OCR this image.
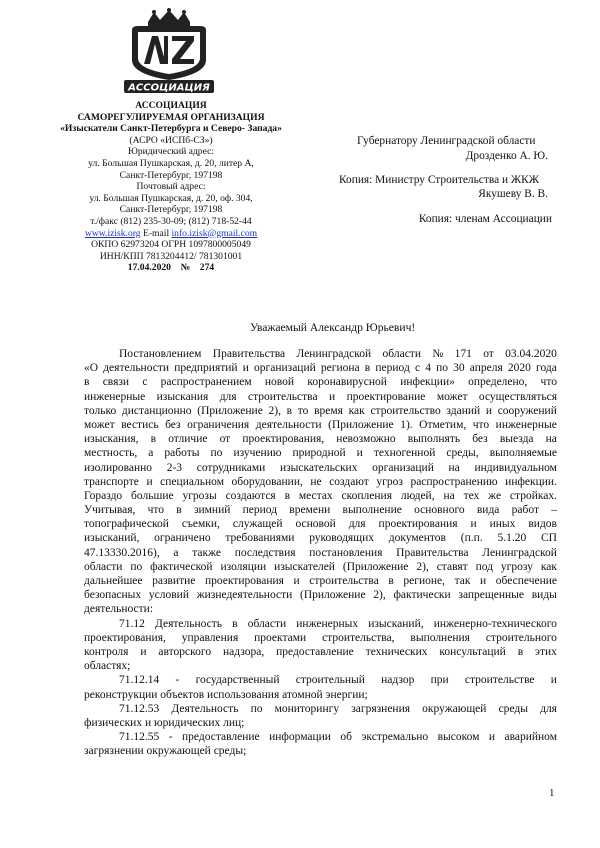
АССОЦИАЦИЯ
АССОЦИАЦИЯ
САМОРЕГУЛИРУЕМАЯ ОРГАНИЗАЦИЯ
«Изыскатели Санкт-Петербурга и Северо- Запада»
(АСРО «ИСПб-СЗ»)
Юридический адрес:
ул. Большая Пушкарская, д. 20, литер А,
Санкт-Петербург, 197198
Почтовый адрес:
ул. Большая Пушкарская, д. 20, оф. 304,
Санкт-Петербург, 197198
т./факс (812) 235-30-09; (812) 718-52-44
www.izisk.org E-mail info.izisk@gmail.com
ОКПО 62973204 ОГРН 1097800005049
ИНН/КПП 7813204412/ 781301001
17.04.2020 № 274
Губернатору Ленинградской области
Дрозденко А. Ю.
Копия: Министру Строительства и ЖКЖ
Якушеву В. В.
Копия: членам Ассоциации
Уважаемый Александр Юрьевич!
Постановлением Правительства Ленинградской области № 171 от 03.04.2020
«О деятельности предприятий и организаций региона в период с 4 по 30 апреля 2020 года
в связи с распространением новой коронавирусной инфекции» определено, что
инженерные изыскания для строительства и проектирование может осуществляться
только дистанционно (Приложение 2), в то время как строительство зданий и сооружений
может вестись без ограничения деятельности (Приложение 1). Отметим, что инженерные
изыскания, в отличие от проектирования, невозможно выполнять без выезда на
местность, а работы по изучению природной и техногенной среды, выполняемые
изолированно 2-3 сотрудниками изыскательских организаций на индивидуальном
транспорте и специальном оборудовании, не создают угроз распространению инфекции.
Гораздо большие угрозы создаются в местах скопления людей, на тех же стройках.
Учитывая, что в зимний период времени выполнение основного вида работ –
топографической съемки, служащей основой для проектирования и иных видов
изысканий, ограничено требованиями руководящих документов (п.п. 5.1.20 СП
47.13330.2016), а также последствия постановления Правительства Ленинградской
области по фактической изоляции изыскателей (Приложение 2), ставят под угрозу как
дальнейшее развитие проектирования и строительства в регионе, так и обеспечение
безопасных условий жизнедеятельности (Приложение 2), фактически запрещенные виды
деятельности:
71.12 Деятельность в области инженерных изысканий, инженерно-технического
проектирования, управления проектами строительства, выполнения строительного
контроля и авторского надзора, предоставление технических консультаций в этих
областях;
71.12.14 - государственный строительный надзор при строительстве и
реконструкции объектов использования атомной энергии;
71.12.53 Деятельность по мониторингу загрязнения окружающей среды для
физических и юридических лиц;
71.12.55 - предоставление информации об экстремально высоком и аварийном
загрязнении окружающей среды;
1
